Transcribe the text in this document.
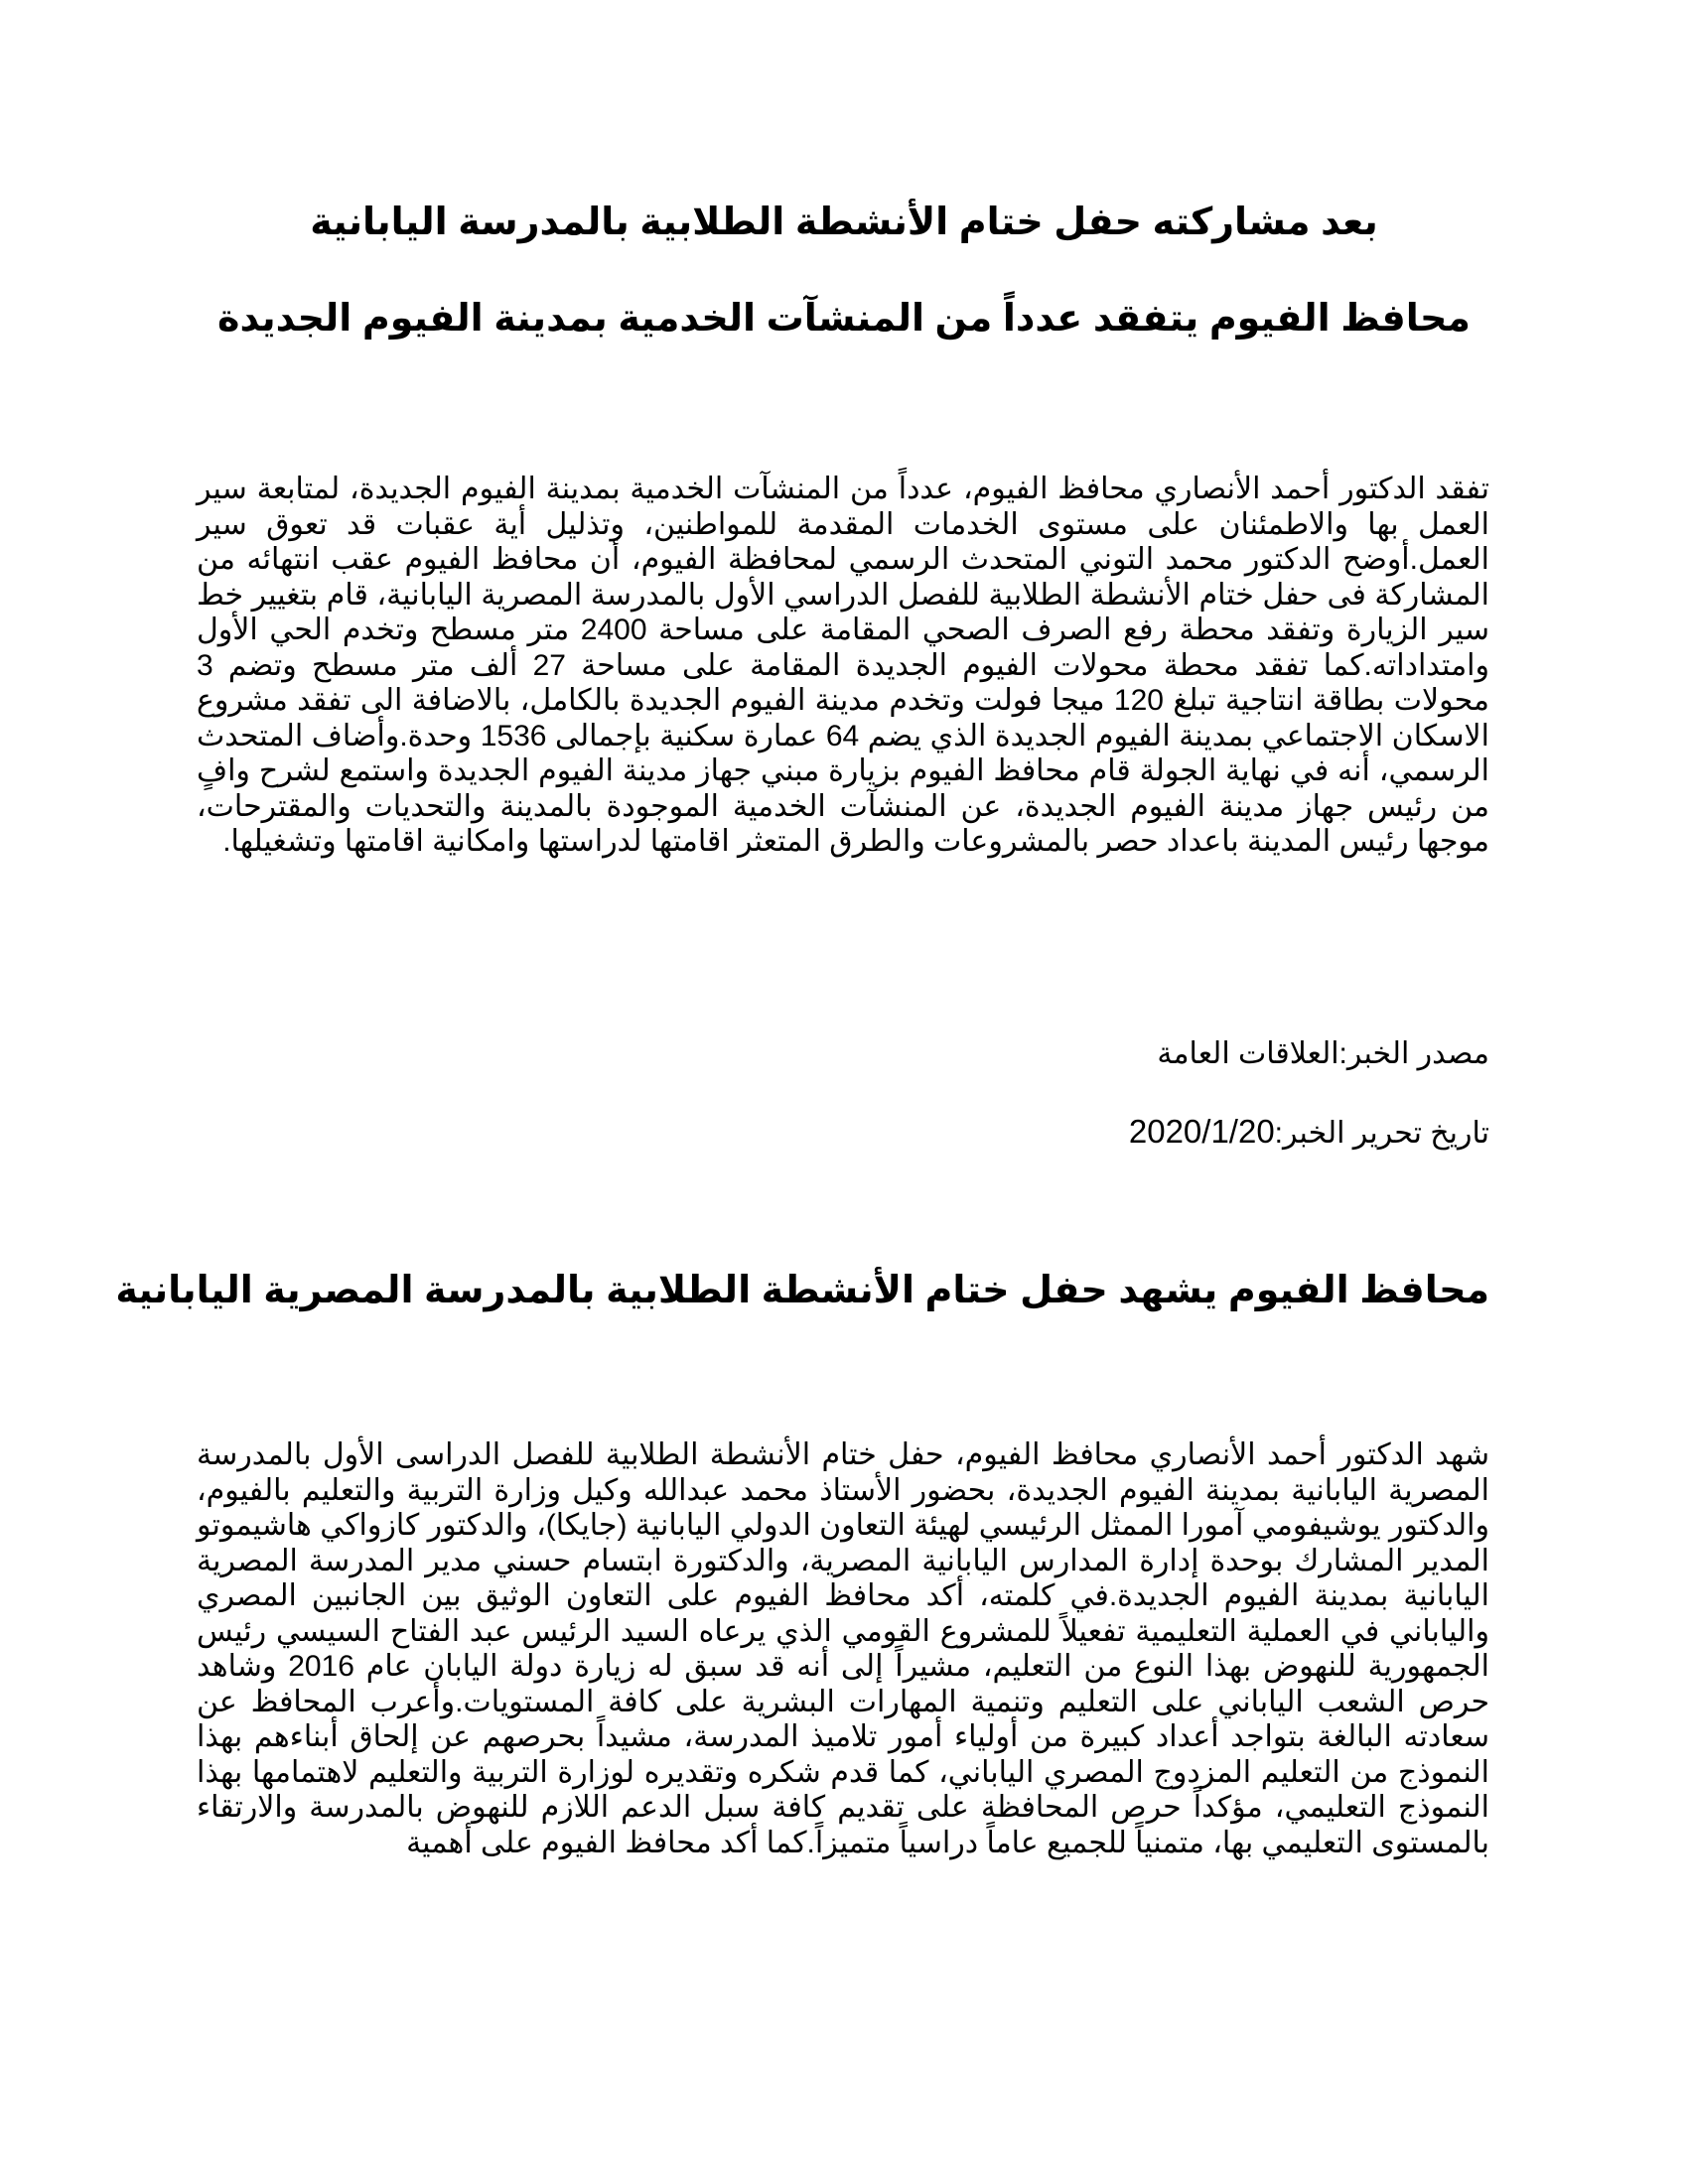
بعد مشاركته حفل ختام الأنشطة الطلابية بالمدرسة اليابانية
محافظ الفيوم يتفقد عدداً من المنشآت الخدمية بمدينة الفيوم الجديدة
تفقد الدكتور أحمد الأنصاري محافظ الفيوم، عدداً من المنشآت الخدمية بمدينة الفيوم الجديدة، لمتابعة سير العمل بها والاطمئنان على مستوى الخدمات المقدمة للمواطنين، وتذليل أية عقبات قد تعوق سير العمل.أوضح الدكتور محمد التوني المتحدث الرسمي لمحافظة الفيوم، أن محافظ الفيوم عقب انتهائه من المشاركة فى حفل ختام الأنشطة الطلابية للفصل الدراسي الأول بالمدرسة المصرية اليابانية، قام بتغيير خط سير الزيارة وتفقد محطة رفع الصرف الصحي المقامة على مساحة 2400 متر مسطح وتخدم الحي الأول وامتداداته.كما تفقد محطة محولات الفيوم الجديدة المقامة على مساحة 27 ألف متر مسطح وتضم 3 محولات بطاقة انتاجية تبلغ 120 ميجا فولت وتخدم مدينة الفيوم الجديدة بالكامل، بالاضافة الى تفقد مشروع الاسكان الاجتماعي بمدينة الفيوم الجديدة الذي يضم 64 عمارة سكنية بإجمالى 1536 وحدة.وأضاف المتحدث الرسمي، أنه في نهاية الجولة قام محافظ الفيوم بزيارة مبني جهاز مدينة الفيوم الجديدة واستمع لشرح وافٍ من رئيس جهاز مدينة الفيوم الجديدة، عن المنشآت الخدمية الموجودة بالمدينة والتحديات والمقترحات، موجها رئيس المدينة باعداد حصر بالمشروعات والطرق المتعثر اقامتها لدراستها وامكانية اقامتها وتشغيلها.
مصدر الخبر:العلاقات العامة
تاريخ تحرير الخبر:2020/1/20
محافظ الفيوم يشهد حفل ختام الأنشطة الطلابية بالمدرسة المصرية اليابانية
شهد الدكتور أحمد الأنصاري محافظ الفيوم، حفل ختام الأنشطة الطلابية للفصل الدراسى الأول بالمدرسة المصرية اليابانية بمدينة الفيوم الجديدة، بحضور الأستاذ محمد عبدالله وكيل وزارة التربية والتعليم بالفيوم، والدكتور يوشيفومي آمورا الممثل الرئيسي لهيئة التعاون الدولي اليابانية (جايكا)، والدكتور كازواكي هاشيموتو المدير المشارك بوحدة إدارة المدارس اليابانية المصرية، والدكتورة ابتسام حسني مدير المدرسة المصرية اليابانية بمدينة الفيوم الجديدة.في كلمته، أكد محافظ الفيوم على التعاون الوثيق بين الجانبين المصري والياباني في العملية التعليمية تفعيلاً للمشروع القومي الذي يرعاه السيد الرئيس عبد الفتاح السيسي رئيس الجمهورية للنهوض بهذا النوع من التعليم، مشيراً إلى أنه قد سبق له زيارة دولة اليابان عام 2016 وشاهد حرص الشعب الياباني على التعليم وتنمية المهارات البشرية على كافة المستويات.وأعرب المحافظ عن سعادته البالغة بتواجد أعداد كبيرة من أولياء أمور تلاميذ المدرسة، مشيداً بحرصهم عن إلحاق أبناءهم بهذا النموذج من التعليم المزدوج المصري الياباني، كما قدم شكره وتقديره لوزارة التربية والتعليم لاهتمامها بهذا النموذج التعليمي، مؤكداً حرص المحافظة على تقديم كافة سبل الدعم اللازم للنهوض بالمدرسة والارتقاء بالمستوى التعليمي بها، متمنياً للجميع عاماً دراسياً متميزاً.كما أكد محافظ الفيوم على أهمية
